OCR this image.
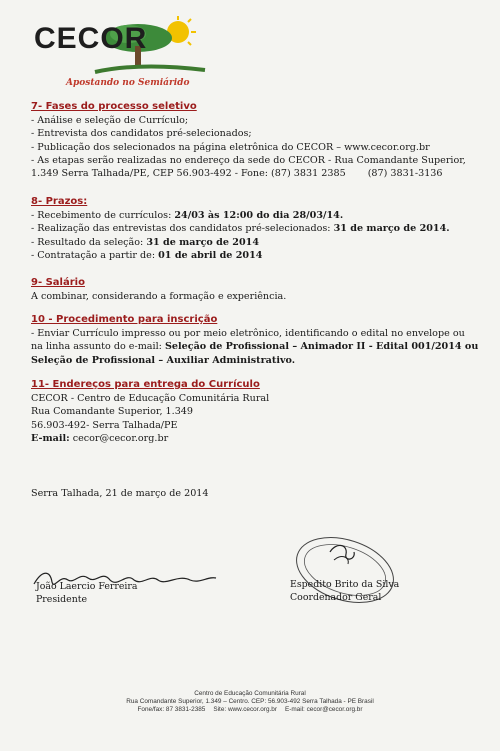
CECOR
Apostando no Semiárido
7- Fases do processo seletivo
- Análise e seleção de Currículo;
- Entrevista dos candidatos pré-selecionados;
- Publicação dos selecionados na página eletrônica do CECOR – www.cecor.org.br
- As etapas serão realizadas no endereço da sede do CECOR - Rua Comandante Superior,
1.349 Serra Talhada/PE, CEP 56.903-492 - Fone: (87) 3831 2385 (87) 3831-3136
8- Prazos:
- Recebimento de currículos: 24/03 às 12:00 do dia 28/03/14.
- Realização das entrevistas dos candidatos pré-selecionados: 31 de março de 2014.
- Resultado da seleção: 31 de março de 2014
- Contratação a partir de: 01 de abril de 2014
9- Salário
A combinar, considerando a formação e experiência.
10 - Procedimento para inscrição
- Enviar Currículo impresso ou por meio eletrônico, identificando o edital no envelope ou
na linha assunto do e-mail: Seleção de Profissional – Animador II - Edital 001/2014 ou
Seleção de Profissional – Auxiliar Administrativo.
11- Endereços para entrega do Currículo
CECOR - Centro de Educação Comunitária Rural
Rua Comandante Superior, 1.349
56.903-492- Serra Talhada/PE
E-mail: cecor@cecor.org.br
Serra Talhada, 21 de março de 2014
João Laercio Ferreira
Presidente
Espedito Brito da Silva
Coordenador Geral
Centro de Educação Comunitária Rural
Rua Comandante Superior, 1.349 – Centro. CEP: 56.903-492 Serra Talhada - PE Brasil
Fone/fax: 87 3831-2385 Site: www.cecor.org.br E-mail: cecor@cecor.org.br
